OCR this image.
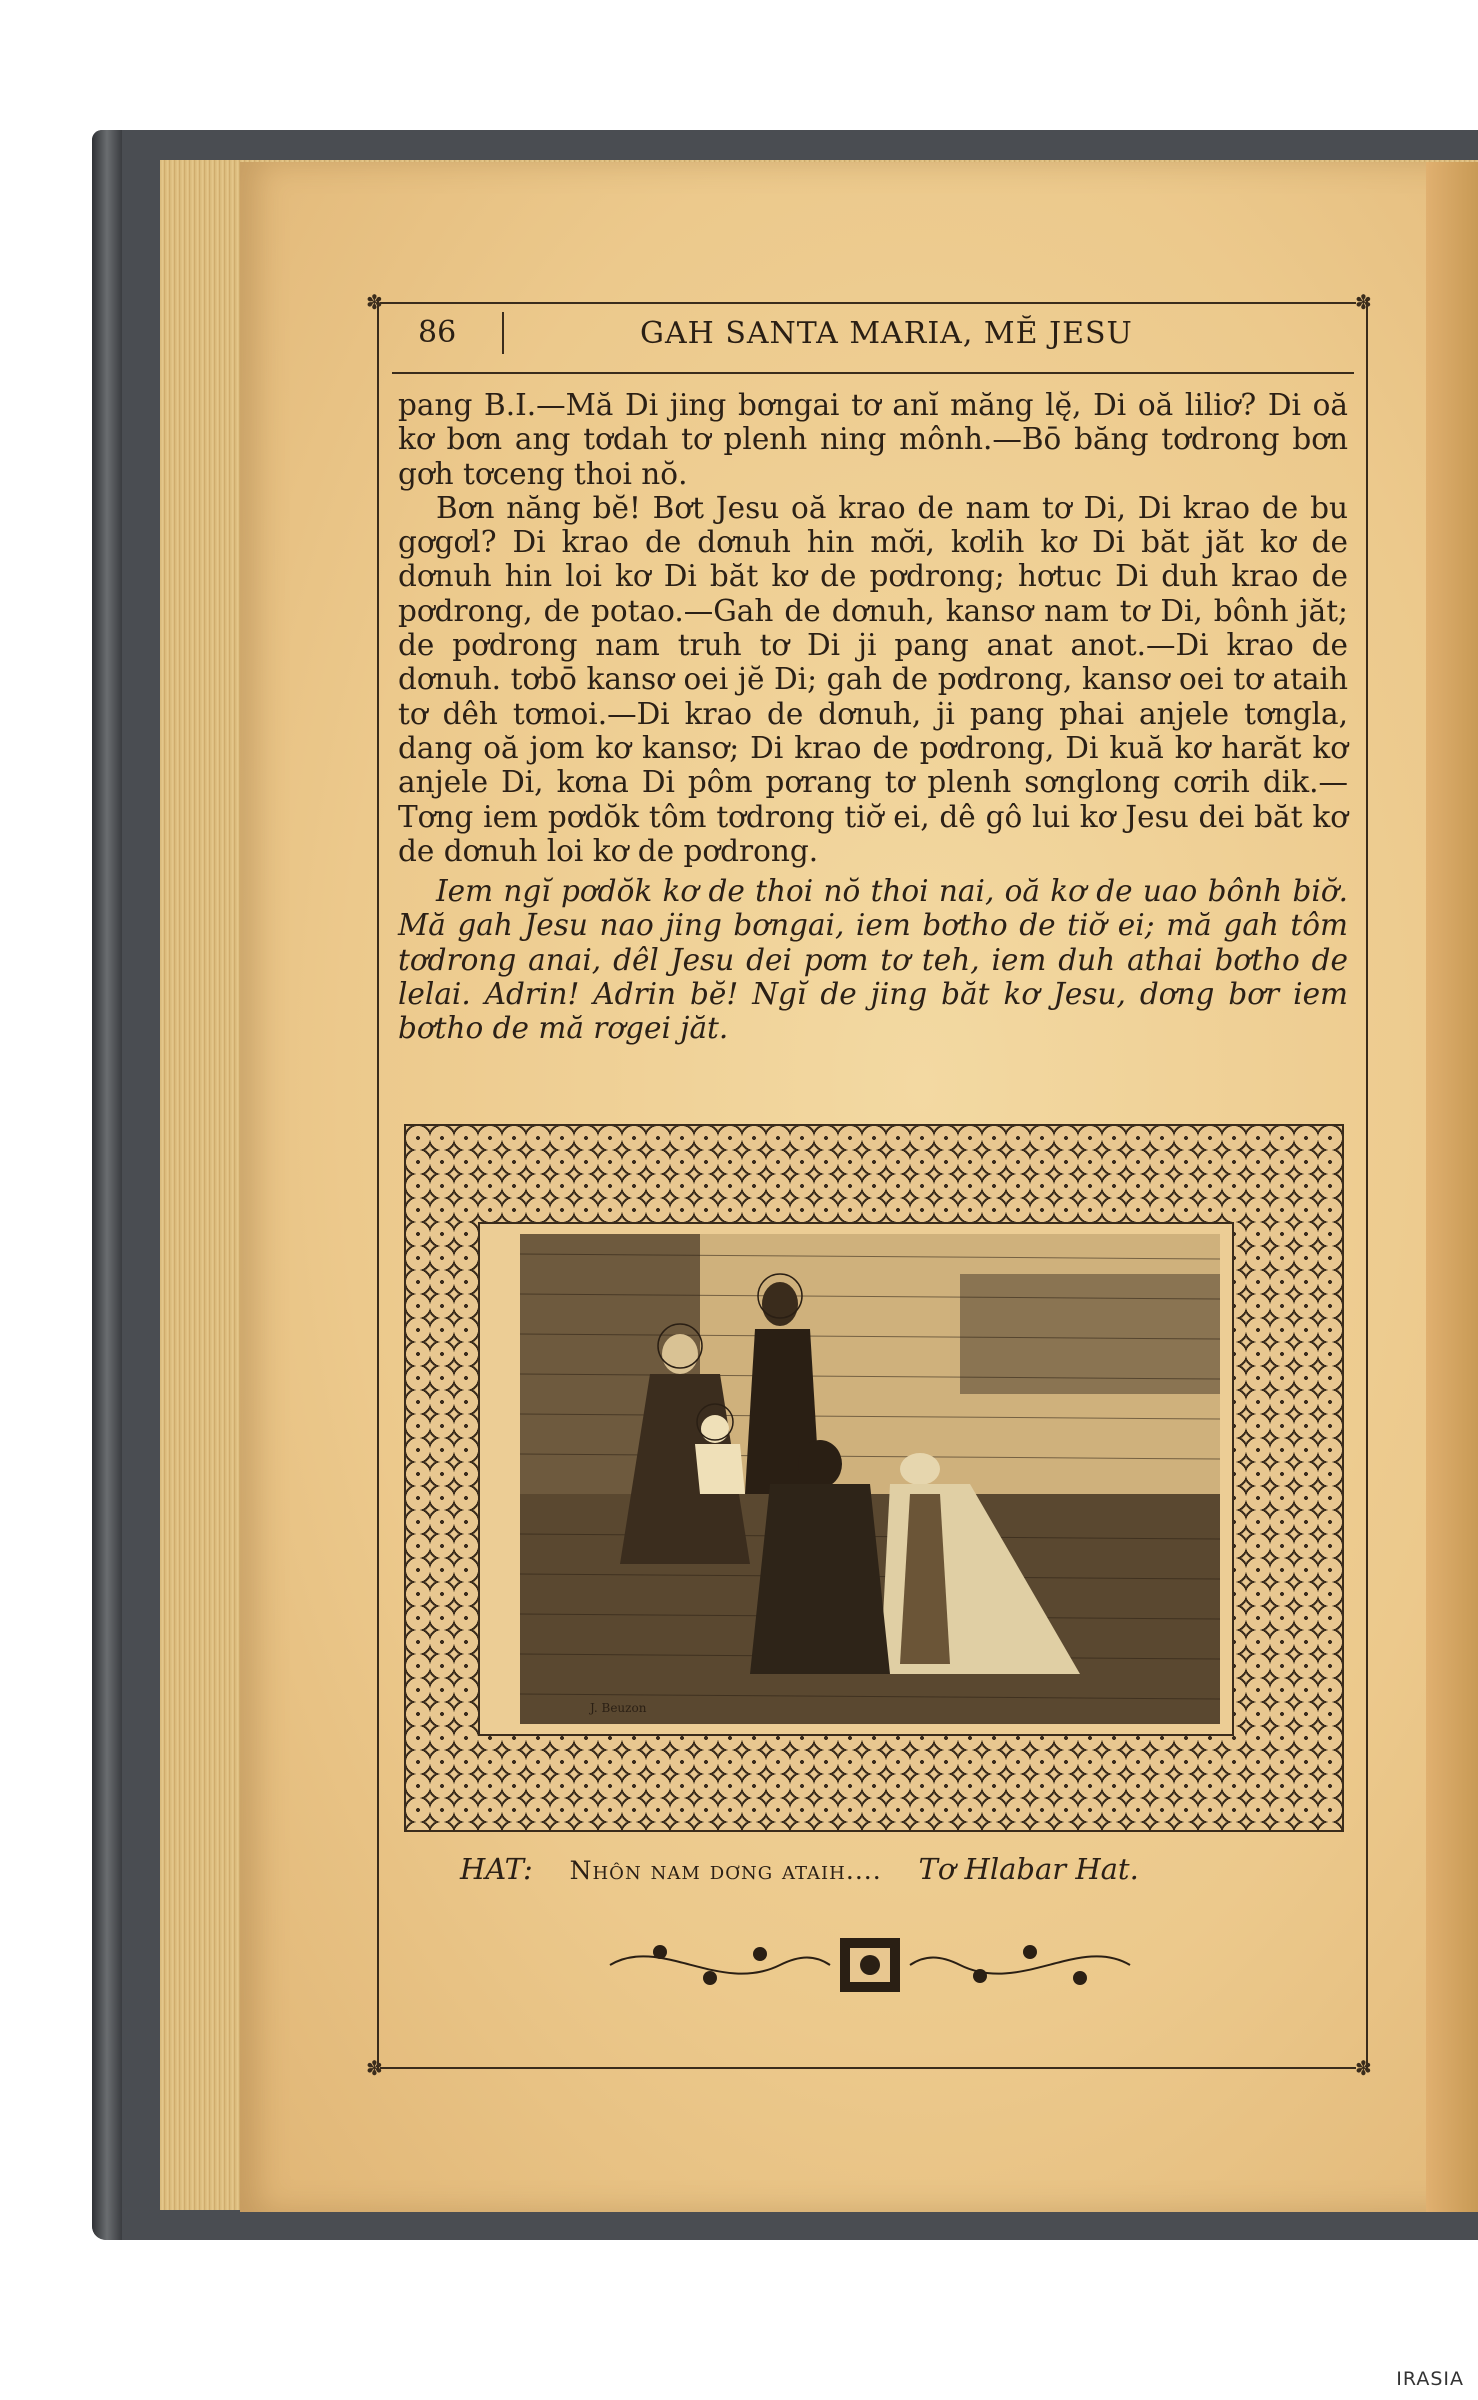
✽	✽
✽	✽
86	GAH SANTA MARIA, MĔ JESU

pang B.I.—Mă Di jing bơngai tơ anĭ măng lę̆, Di oă liliơ? Di oă kơ bơn ang tơdah tơ plenh ning mônh.—Bō băng tơdrong bơn gơh tơceng thoi nŏ.

Bơn năng bĕ! Bơt Jesu oă krao de nam tơ Di, Di krao de bu gơgơl? Di krao de dơnuh hin mơ̆i, kơlih kơ Di băt jăt kơ de dơnuh hin loi kơ Di băt kơ de pơdrong; hơtuc Di duh krao de pơdrong, de potao.—Gah de dơnuh, kansơ nam tơ Di, bônh jăt; de pơdrong nam truh tơ Di ji pang anat anot.—Di krao de dơnuh. tơbō kansơ oei jĕ Di; gah de pơdrong, kansơ oei tơ ataih tơ dêh tơmoi.—Di krao de dơnuh, ji pang phai anjele tơngla, dang oă jom kơ kansơ; Di krao de pơdrong, Di kuă kơ harăt kơ anjele Di, kơna Di pôm pơrang tơ plenh sơnglong cơrih dik.—Tơng iem pơdŏk tôm tơdrong tiơ̆ ei, dê gô lui kơ Jesu dei băt kơ de dơnuh loi kơ de pơdrong.

Iem ngĭ pơdŏk kơ de thoi nŏ thoi nai, oă kơ de uao bônh biơ̆. Mă gah Jesu nao jing bơngai, iem bơtho de tiơ̆ ei; mă gah tôm tơdrong anai, dêl Jesu dei pơm tơ teh, iem duh athai bơtho de lelai. Adrin! Adrin bĕ! Ngĭ de jing băt kơ Jesu, dơng bơr iem bơtho de mă rơgei jăt.

J. Beuzon
HAT: Nhôn nam dơng ataih.... Tơ Hlabar Hat.
IRASIA
